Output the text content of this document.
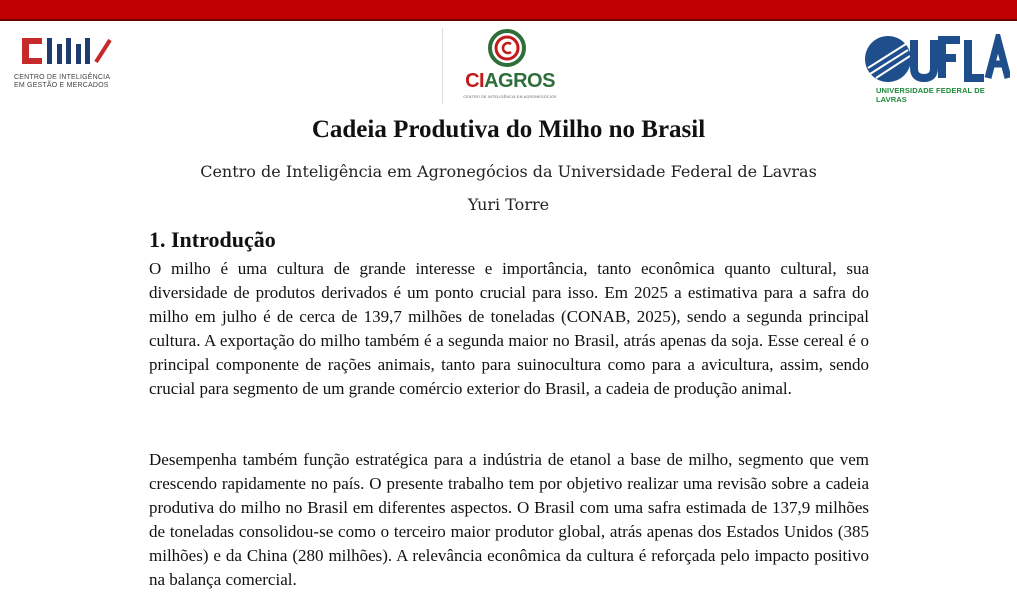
CENTRO DE INTELIGÊNCIA
EM GESTÃO E MERCADOS	CIAGROS
CENTRO DE INTELIGÊNCIA EM AGRONEGÓCIOS
UNIVERSIDADE FEDERAL DE LAVRAS
Cadeia Produtiva do Milho no Brasil
Centro de Inteligência em Agronegócios da Universidade Federal de Lavras
Yuri Torre
1. Introdução
O milho é uma cultura de grande interesse e importância, tanto econômica quanto cultural, sua diversidade de produtos derivados é um ponto crucial para isso. Em 2025 a estimativa para a safra do milho em julho é de cerca de 139,7 milhões de toneladas (CONAB, 2025), sendo a segunda principal cultura. A exportação do milho também é a segunda maior no Brasil, atrás apenas da soja. Esse cereal é o principal componente de rações animais, tanto para suinocultura como para a avicultura, assim, sendo crucial para segmento de um grande comércio exterior do Brasil, a cadeia de produção animal.
Desempenha também função estratégica para a indústria de etanol a base de milho, segmento que vem crescendo rapidamente no país. O presente trabalho tem por objetivo realizar uma revisão sobre a cadeia produtiva do milho no Brasil em diferentes aspectos. O Brasil com uma safra estimada de 137,9 milhões de toneladas consolidou-se como o terceiro maior produtor global, atrás apenas dos Estados Unidos (385 milhões) e da China (280 milhões). A relevância econômica da cultura é reforçada pelo impacto positivo na balança comercial.
